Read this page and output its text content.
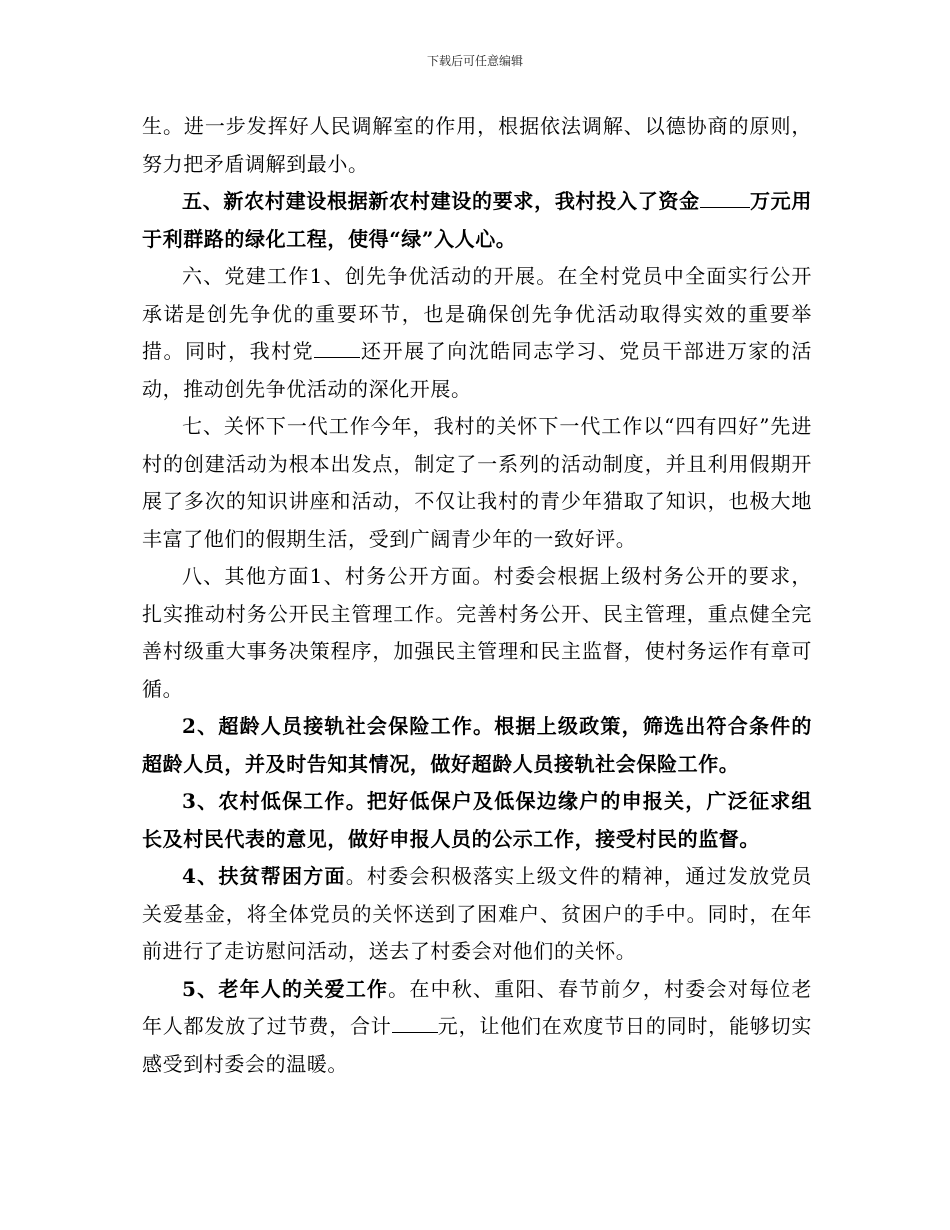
下载后可任意编辑

生。进一步发挥好人民调解室的作用，根据依法调解、以德协商的原则，努力把矛盾调解到最小。

五、新农村建设根据新农村建设的要求，我村投入了资金	万元用于利群路的绿化工程，使得“绿”入人心。

六、党建工作1、创先争优活动的开展。在全村党员中全面实行公开承诺是创先争优的重要环节，也是确保创先争优活动取得实效的重要举措。同时，我村党 还开展了向沈皓同志学习、党员干部进万家的活动，推动创先争优活动的深化开展。

七、关怀下一代工作今年，我村的关怀下一代工作以“四有四好”先进村的创建活动为根本出发点，制定了一系列的活动制度，并且利用假期开展了多次的知识讲座和活动，不仅让我村的青少年猎取了知识，也极大地丰富了他们的假期生活，受到广阔青少年的一致好评。

八、其他方面1、村务公开方面。村委会根据上级村务公开的要求，扎实推动村务公开民主管理工作。完善村务公开、民主管理，重点健全完善村级重大事务决策程序，加强民主管理和民主监督，使村务运作有章可循。

2、超龄人员接轨社会保险工作。根据上级政策，筛选出符合条件的超龄人员，并及时告知其情况，做好超龄人员接轨社会保险工作。

3、农村低保工作。把好低保户及低保边缘户的申报关，广泛征求组长及村民代表的意见，做好申报人员的公示工作，接受村民的监督。

4、扶贫帮困方面。村委会积极落实上级文件的精神，通过发放党员关爱基金，将全体党员的关怀送到了困难户、贫困户的手中。同时，在年前进行了走访慰问活动，送去了村委会对他们的关怀。

5、老年人的关爱工作。在中秋、重阳、春节前夕，村委会对每位老年人都发放了过节费，合计 元，让他们在欢度节日的同时，能够切实感受到村委会的温暖。
